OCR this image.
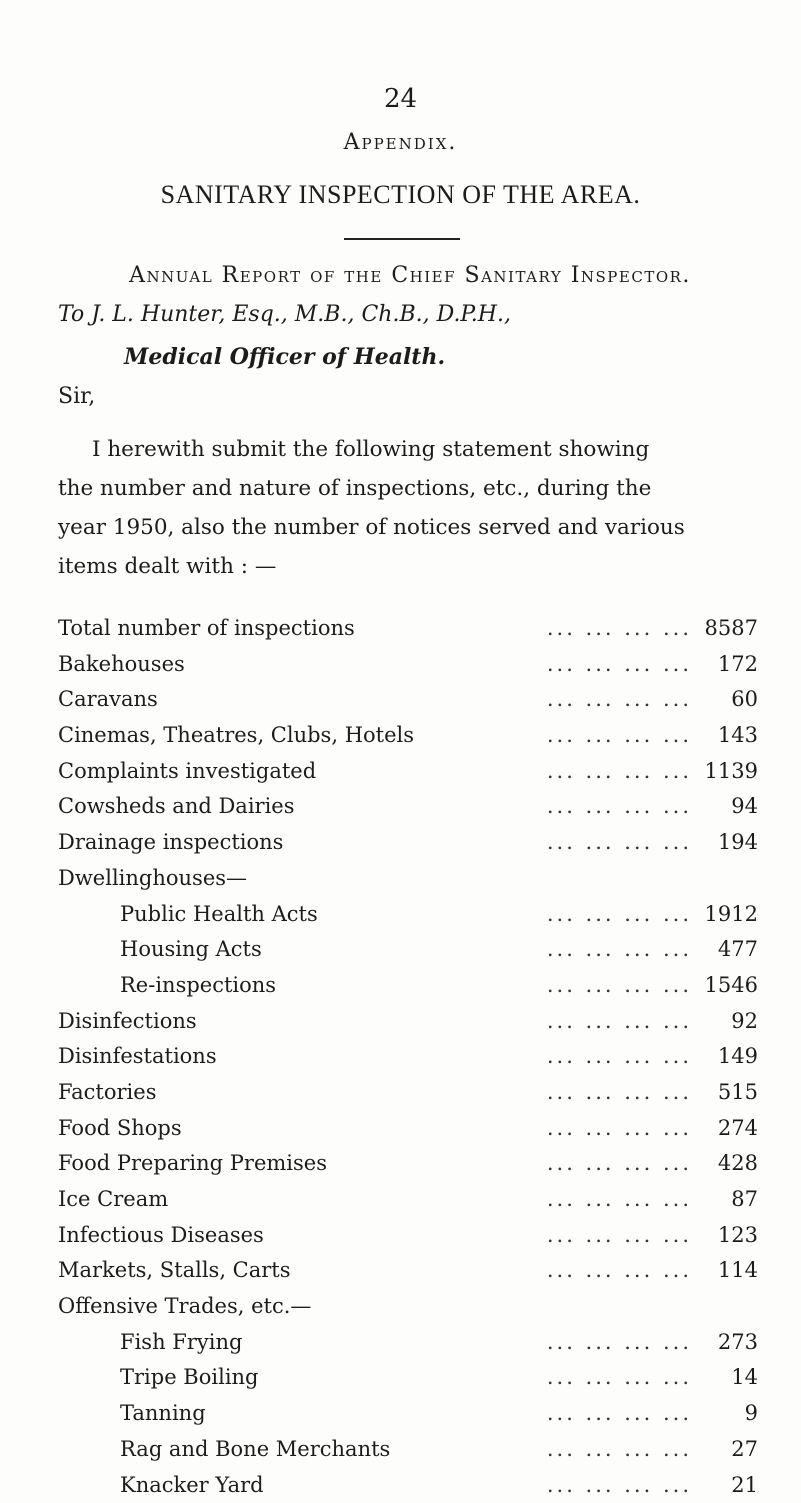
24
Appendix.
SANITARY INSPECTION OF THE AREA.
Annual Report of the Chief Sanitary Inspector.
To J. L. Hunter, Esq., M.B., Ch.B., D.P.H.,
Medical Officer of Health.
Sir,

I herewith submit the following statement showing

the number and nature of inspections, etc., during the

year 1950, also the number of notices served and various

items dealt with : —

Total number of inspections	... ... ... ... 8587
Bakehouses	... ... ... ...	172
Caravans	... ... ... ...	60
Cinemas, Theatres, Clubs, Hotels	... ... ... ...	143
Complaints investigated	... ... ... ... 1139
Cowsheds and Dairies	... ... ... ...	94
Drainage inspections	... ... ... ...	194
Dwellinghouses—
Public Health Acts	... ... ... ... 1912
Housing Acts	... ... ... ...	477
Re-inspections	... ... ... ... 1546
Disinfections	... ... ... ...	92
Disinfestations	... ... ... ...	149
Factories	... ... ... ...	515
Food Shops	... ... ... ...	274
Food Preparing Premises	... ... ... ...	428
Ice Cream	... ... ... ...	87
Infectious Diseases	... ... ... ...	123
Markets, Stalls, Carts	... ... ... ...	114
Offensive Trades, etc.—
Fish Frying	... ... ... ...	273
Tripe Boiling	... ... ... ...	14
Tanning	... ... ... ...	9
Rag and Bone Merchants	... ... ... ...	27
Knacker Yard	... ... ... ...	21
